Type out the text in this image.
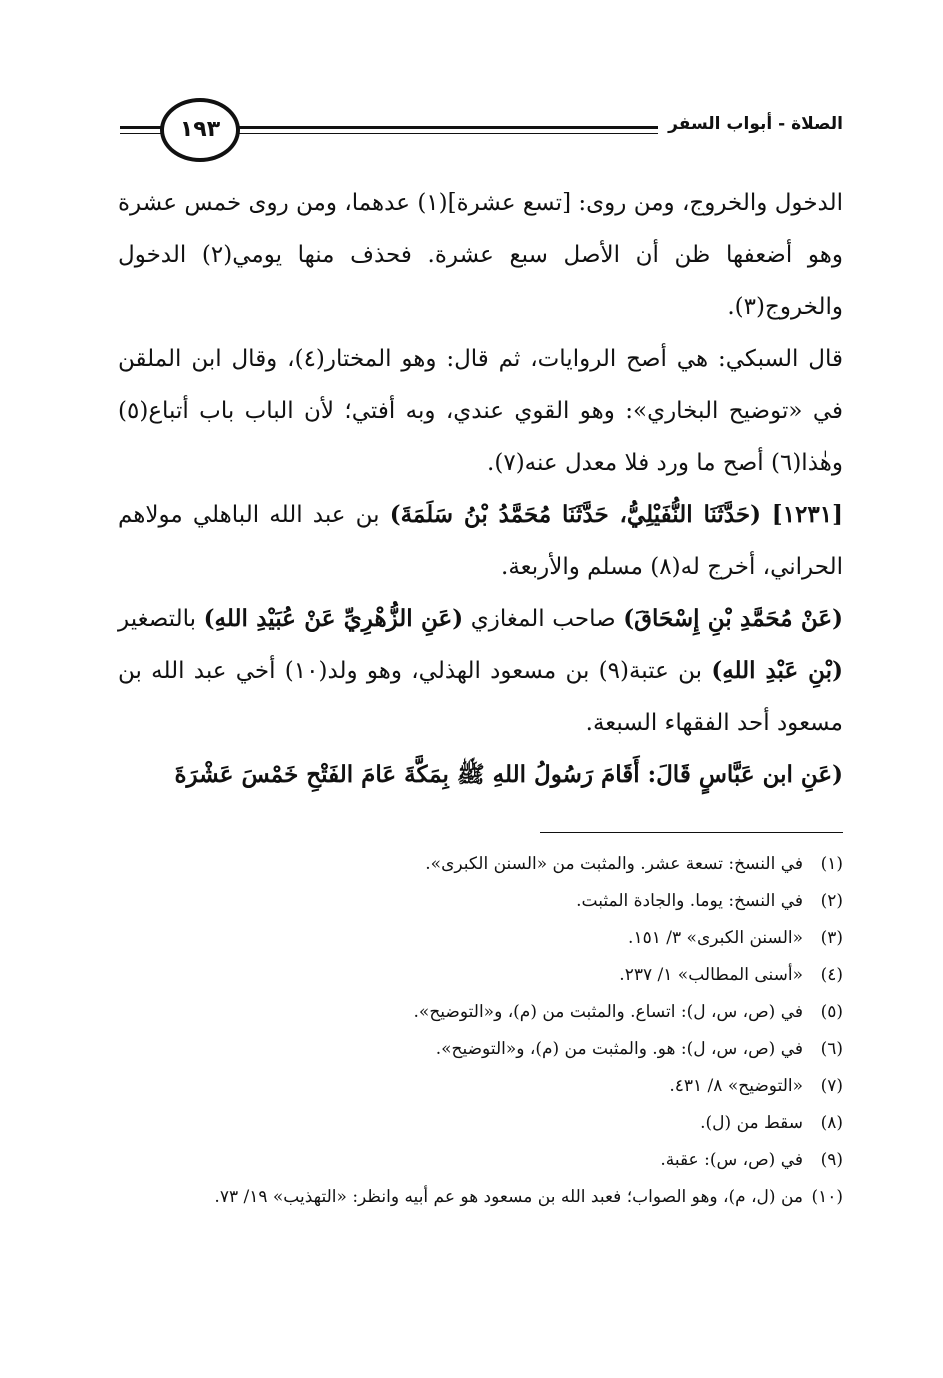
الصلاة - أبواب السفر
١٩٣

الدخول والخروج، ومن روى: [تسع عشرة](١) عدهما، ومن روى خمس عشرة وهو أضعفها ظن أن الأصل سبع عشرة. فحذف منها يومي(٢) الدخول والخروج(٣).

قال السبكي: هي أصح الروايات، ثم قال: وهو المختار(٤)، وقال ابن الملقن في «توضيح البخاري»: وهو القوي عندي، وبه أفتي؛ لأن الباب باب أتباع(٥) وهٰذا(٦) أصح ما ورد فلا معدل عنه(٧).

[١٢٣١] (حَدَّثَنَا النُّفَيْلِيُّ، حَدَّثَنَا مُحَمَّدُ بْنُ سَلَمَةَ) بن عبد الله الباهلي مولاهم الحراني، أخرج له(٨) مسلم والأربعة.

(عَنْ مُحَمَّدِ بْنِ إِسْحَاقَ) صاحب المغازي (عَنِ الزُّهْرِيِّ عَنْ عُبَيْدِ اللهِ) بالتصغير (بْنِ عَبْدِ اللهِ) بن عتبة(٩) بن مسعود الهذلي، وهو ولد(١٠) أخي عبد الله بن مسعود أحد الفقهاء السبعة.

(عَنِ ابن عَبَّاسٍ قَالَ: أَقَامَ رَسُولُ اللهِ ﷺ بِمَكَّةَ عَامَ الفَتْحِ خَمْسَ عَشْرَةَ

(١)
في النسخ: تسعة عشر. والمثبت من «السنن الكبرى».
(٢)
في النسخ: يوما. والجادة المثبت.
(٣)
«السنن الكبرى» ٣/ ١٥١.
(٤)
«أسنى المطالب» ١/ ٢٣٧.
(٥)
في (ص، س، ل): اتساع. والمثبت من (م)، و«التوضيح».
(٦)
في (ص، س، ل): هو. والمثبت من (م)، و«التوضيح».
(٧)
«التوضيح» ٨/ ٤٣١.
(٨)
سقط من (ل).
(٩)
في (ص، س): عقبة.
(١٠)
من (ل، م)، وهو الصواب؛ فعبد الله بن مسعود هو عم أبيه وانظر: «التهذيب» ١٩/ ٧٣.
